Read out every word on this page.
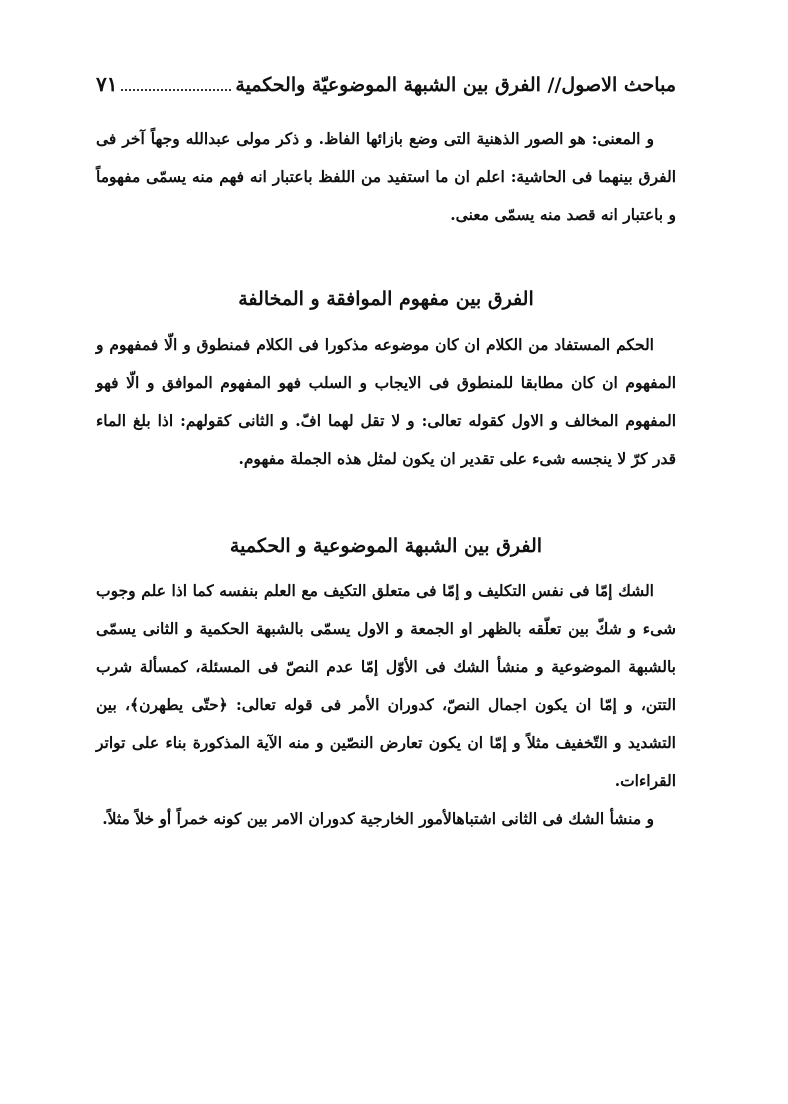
مباحث الاصول// الفرق بين الشبهة الموضوعيّة والحكمية
۷۱

و المعنى: هو الصور الذهنية التى وضع بازائها الفاظ. و ذكر مولى عبدالله وجهاً آخر فى الفرق بينهما فى الحاشية: اعلم ان ما استفيد من اللفظ باعتبار انه فهم منه يسمّى مفهوماً و باعتبار انه قصد منه يسمّى معنى.

الفرق بين مفهوم الموافقة و المخالفة

الحكم المستفاد من الكلام ان كان موضوعه مذكورا فى الكلام فمنطوق و الّا فمفهوم و المفهوم ان كان مطابقا للمنطوق فى الايجاب و السلب فهو المفهوم الموافق و الّا فهو المفهوم المخالف و الاول كقوله تعالى: و لا تقل لهما افّ. و الثانى كقولهم: اذا بلغ الماء قدر كرّ لا ينجسه شىء على تقدير ان يكون لمثل هذه الجملة مفهوم.

الفرق بين الشبهة الموضوعية و الحكمية

الشك إمّا فى نفس التكليف و إمّا فى متعلق التكيف مع العلم بنفسه كما اذا علم وجوب شىء و شكّ بين تعلّقه بالظهر او الجمعة و الاول يسمّى بالشبهة الحكمية و الثانى يسمّى بالشبهة الموضوعية و منشأ الشك فى الأوّل إمّا عدم النصّ فى المسئلة، كمسألة شرب التتن، و إمّا ان يكون اجمال النصّ، كدوران الأمر فى قوله تعالى: ﴿حتّى يطهرن﴾، بين التشديد و التّخفيف مثلاً و إمّا ان يكون تعارض النصّين و منه الآية المذكورة بناء على تواتر القراءات.

و منشأ الشك فى الثانى اشتباهالأمور الخارجية كدوران الامر بين كونه خمراً أو خلاً مثلاً.
